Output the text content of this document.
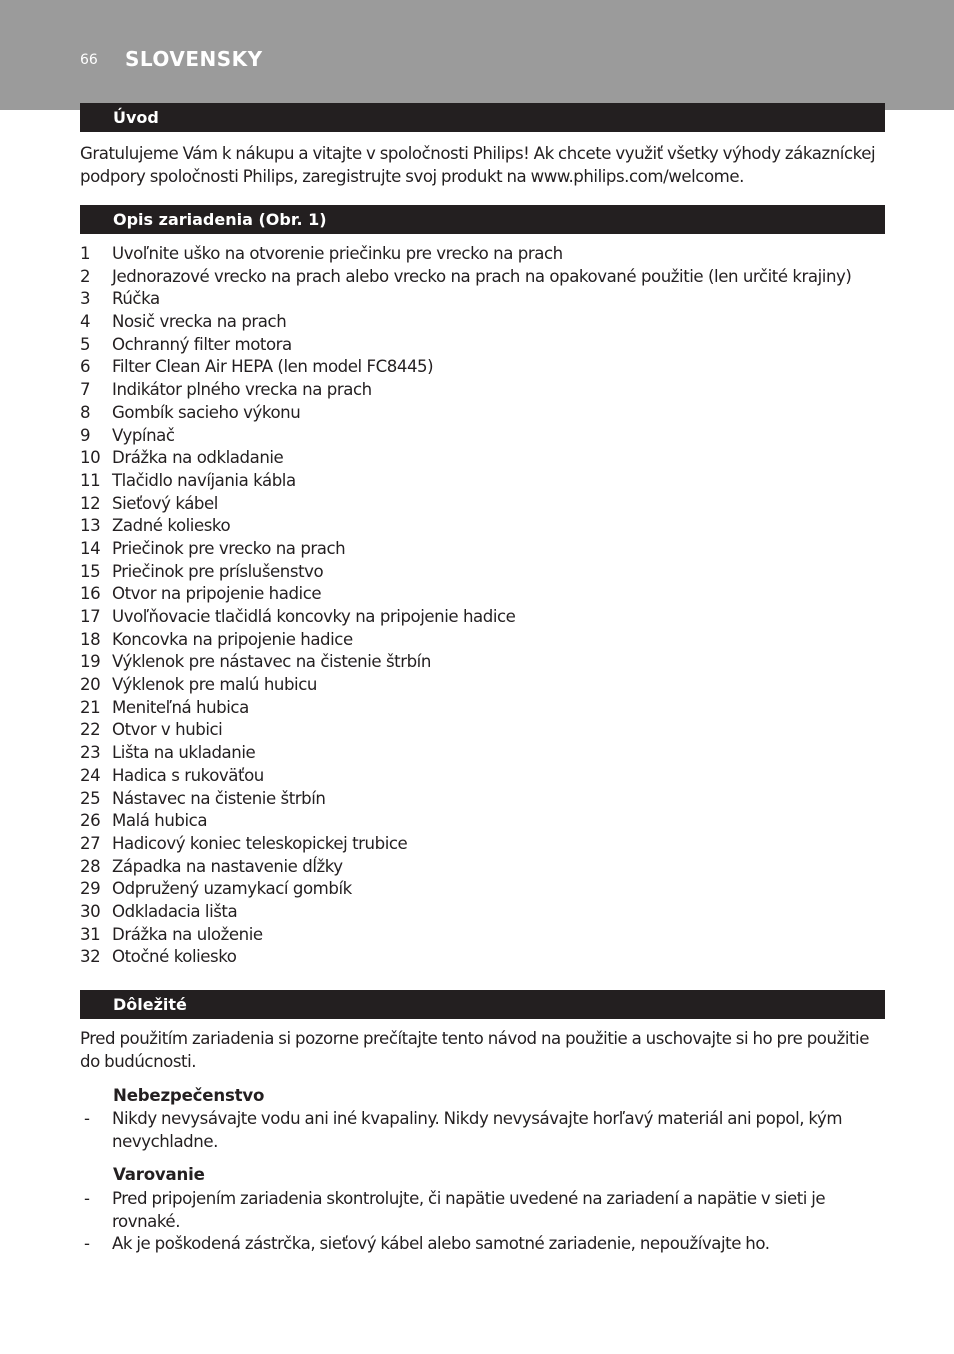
66 SLOVENSKY
Úvod
Gratulujeme Vám k nákupu a vitajte v spoločnosti Philips! Ak chcete využiť všetky výhody zákazníckej podpory spoločnosti Philips, zaregistrujte svoj produkt na www.philips.com/welcome.
Opis zariadenia (Obr. 1)
1	Uvoľnite uško na otvorenie priečinku pre vrecko na prach
2	Jednorazové vrecko na prach alebo vrecko na prach na opakované použitie (len určité krajiny)
3	Rúčka
4	Nosič vrecka na prach
5	Ochranný filter motora
6	Filter Clean Air HEPA (len model FC8445)
7	Indikátor plného vrecka na prach
8	Gombík sacieho výkonu
9	Vypínač
10 Drážka na odkladanie
11 Tlačidlo navíjania kábla
12 Sieťový kábel
13 Zadné koliesko
14 Priečinok pre vrecko na prach
15 Priečinok pre príslušenstvo
16 Otvor na pripojenie hadice
17 Uvoľňovacie tlačidlá koncovky na pripojenie hadice
18 Koncovka na pripojenie hadice
19 Výklenok pre nástavec na čistenie štrbín
20 Výklenok pre malú hubicu
21 Meniteľná hubica
22 Otvor v hubici
23 Lišta na ukladanie
24 Hadica s rukoväťou
25 Nástavec na čistenie štrbín
26 Malá hubica
27 Hadicový koniec teleskopickej trubice
28 Západka na nastavenie dĺžky
29 Odpružený uzamykací gombík
30 Odkladacia lišta
31 Drážka na uloženie
32 Otočné koliesko
Dôležité
Pred použitím zariadenia si pozorne prečítajte tento návod na použitie a uschovajte si ho pre použitie do budúcnosti.
Nebezpečenstvo
- Nikdy nevysávajte vodu ani iné kvapaliny. Nikdy nevysávajte horľavý materiál ani popol, kým nevychladne.
Varovanie
- Pred pripojením zariadenia skontrolujte, či napätie uvedené na zariadení a napätie v sieti je rovnaké.
- Ak je poškodená zástrčka, sieťový kábel alebo samotné zariadenie, nepoužívajte ho.
